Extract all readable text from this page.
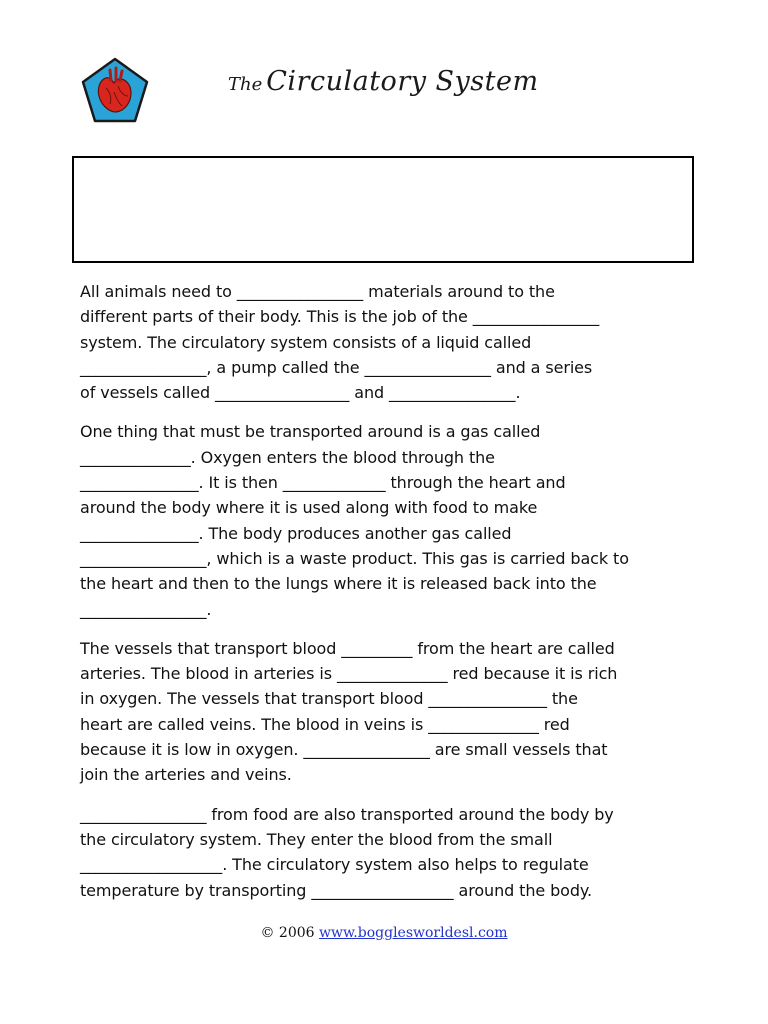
The Circulatory System
All animals need to ________________ materials around to the
different parts of their body. This is the job of the ________________
system. The circulatory system consists of a liquid called
________________, a pump called the ________________ and a series
of vessels called _________________ and ________________.
One thing that must be transported around is a gas called
______________. Oxygen enters the blood through the
_______________. It is then _____________ through the heart and
around the body where it is used along with food to make
_______________. The body produces another gas called
________________, which is a waste product. This gas is carried back to
the heart and then to the lungs where it is released back into the
________________.
The vessels that transport blood _________ from the heart are called
arteries. The blood in arteries is ______________ red because it is rich
in oxygen. The vessels that transport blood _______________ the
heart are called veins. The blood in veins is ______________ red
because it is low in oxygen. ________________ are small vessels that
join the arteries and veins.
________________ from food are also transported around the body by
the circulatory system. They enter the blood from the small
__________________. The circulatory system also helps to regulate
temperature by transporting __________________ around the body.
© 2006 www.bogglesworldesl.com
